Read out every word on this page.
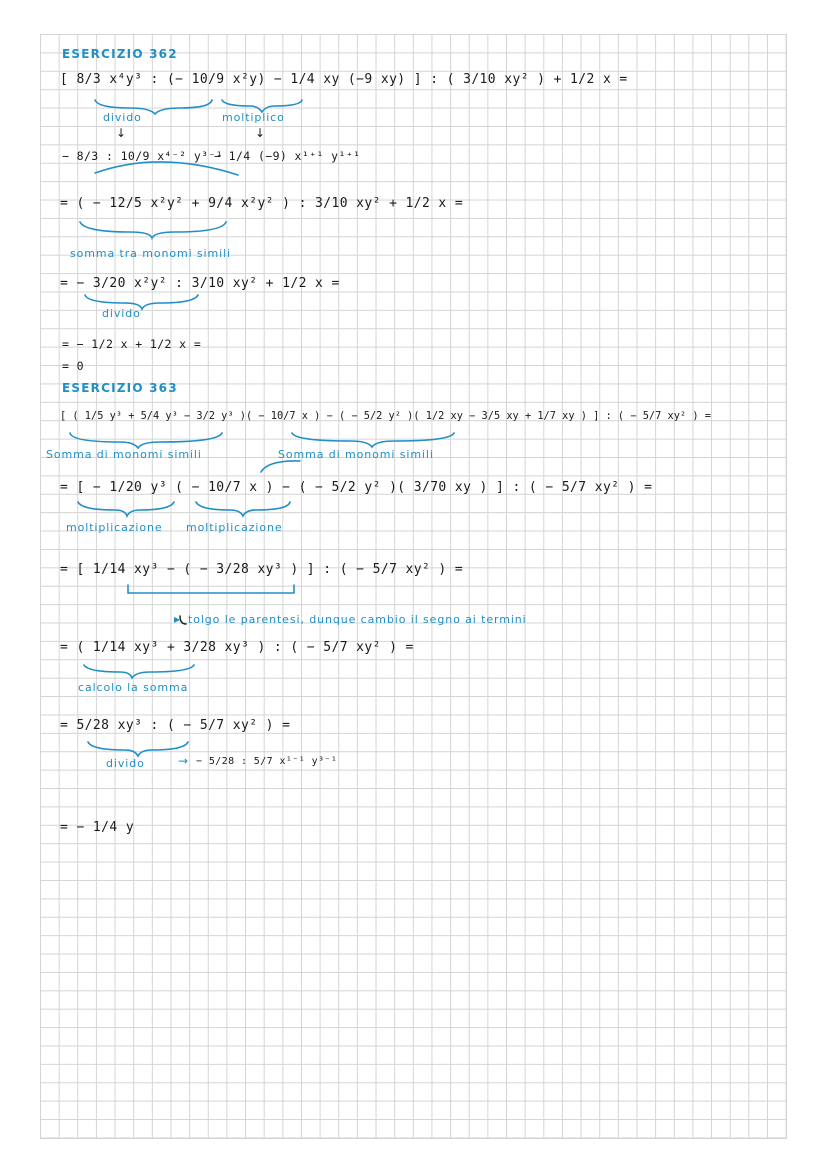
ESERCIZIO 362
[ 8/3 x⁴y³ : (− 10/9 x²y) − 1/4 xy (−9 xy) ] : ( 3/10 xy² ) + 1/2 x =
divido	moltiplico
↓	↓
− 8/3 : 10/9 x⁴⁻² y³⁻¹
− 1/4 (−9) x¹⁺¹ y¹⁺¹
= ( − 12/5 x²y² + 9/4 x²y² ) : 3/10 xy² + 1/2 x =
somma tra monomi simili
= − 3/20 x²y² : 3/10 xy² + 1/2 x =
divido
= − 1/2 x + 1/2 x =
= 0
ESERCIZIO 363
[ ( 1/5 y³ + 5/4 y³ − 3/2 y³ )( − 10/7 x ) − ( − 5/2 y² )( 1/2 xy − 3/5 xy + 1/7 xy ) ] : ( − 5/7 xy² ) =
Somma di monomi simili	Somma di monomi simili
= [ − 1/20 y³ ( − 10/7 x ) − ( − 5/2 y² )( 3/70 xy ) ] : ( − 5/7 xy² ) =
moltiplicazione moltiplicazione
= [ 1/14 xy³ − ( − 3/28 xy³ ) ] : ( − 5/7 xy² ) =
▸ tolgo le parentesi, dunque cambio il segno ai termini
= ( 1/14 xy³ + 3/28 xy³ ) : ( − 5/7 xy² ) =
calcolo la somma
= 5/28 xy³ : ( − 5/7 xy² ) =
divido	→ − 5/28 : 5/7 x¹⁻¹ y³⁻¹
= − 1/4 y
